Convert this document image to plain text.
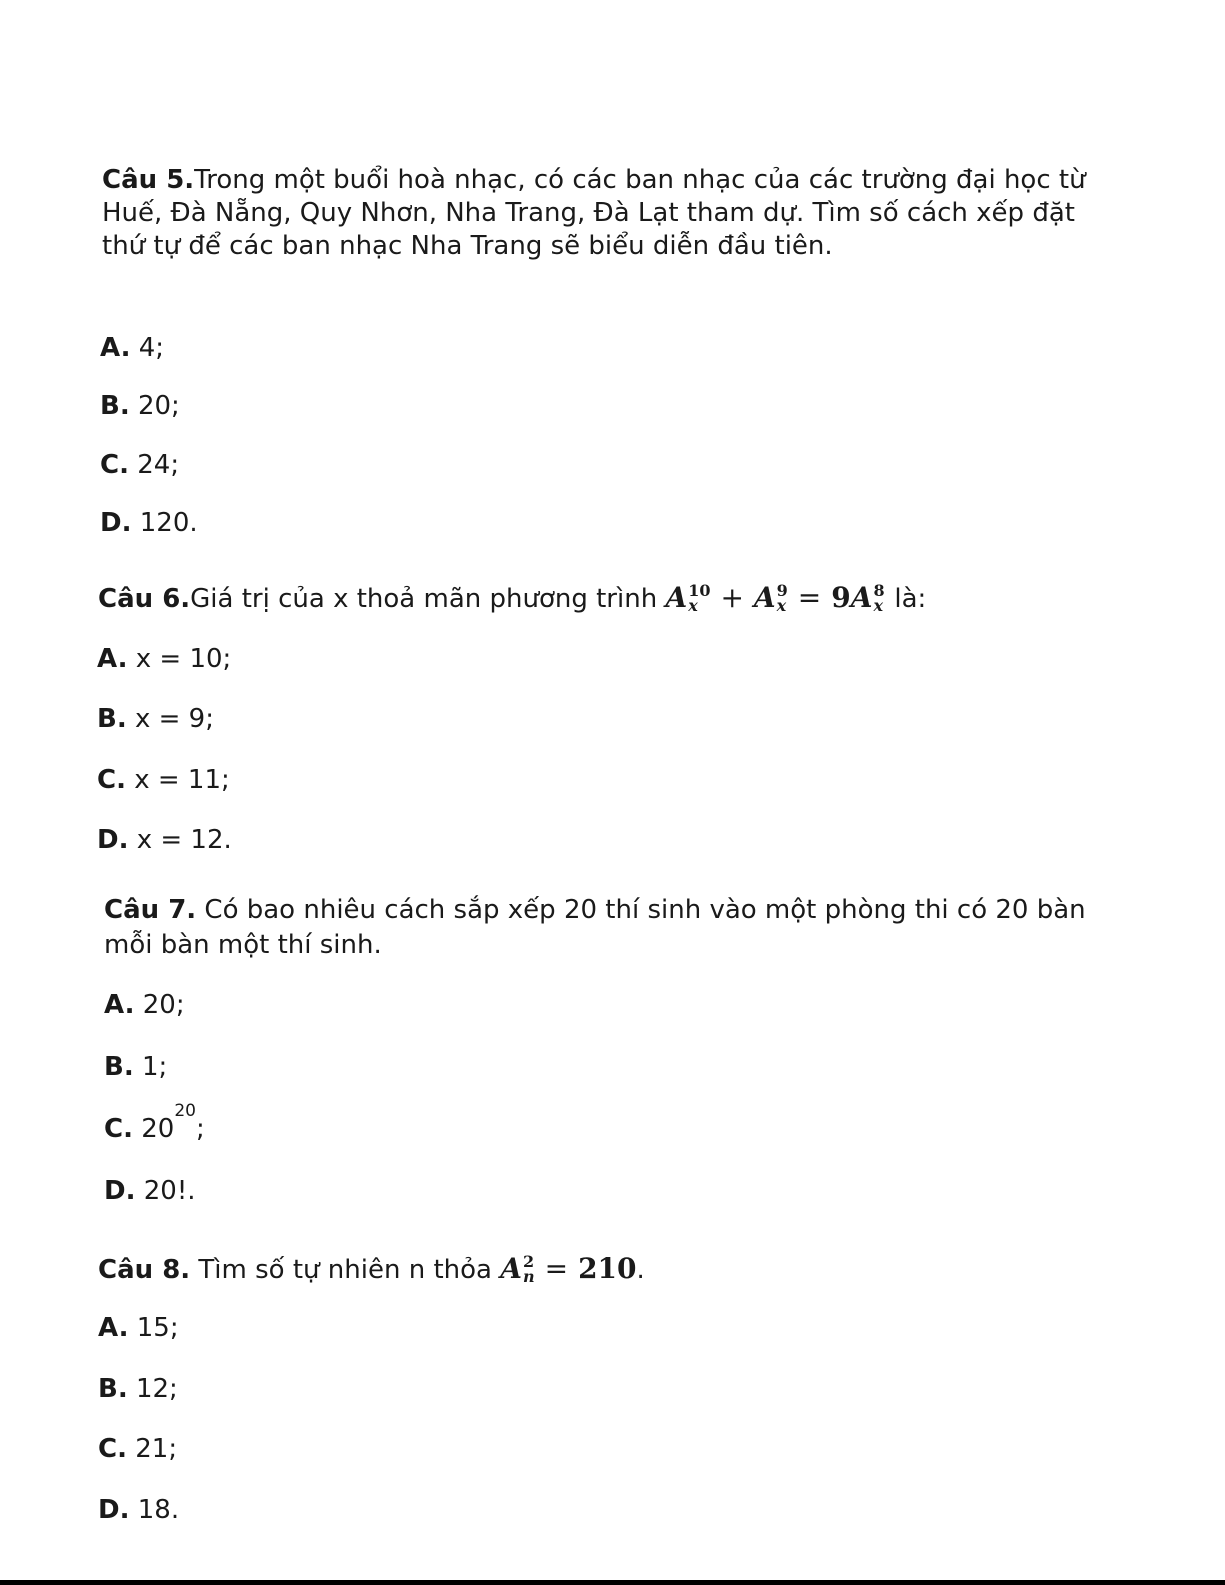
Câu 5.Trong một buổi hoà nhạc, có các ban nhạc của các trường đại học từ Huế, Đà Nẵng, Quy Nhơn, Nha Trang, Đà Lạt tham dự. Tìm số cách xếp đặt thứ tự để các ban nhạc Nha Trang sẽ biểu diễn đầu tiên.

A. 4;
B. 20;
C. 24;
D. 120.

Câu 6.Giá trị của x thoả mãn phương trình A 10
x + A 9
x = 9A 8
x là:

A. x = 10;
B. x = 9;
C. x = 11;
D. x = 12.

Câu 7. Có bao nhiêu cách sắp xếp 20 thí sinh vào một phòng thi có 20 bàn mỗi bàn một thí sinh.

A. 20;
B. 1;
C. $20^{20}$;
D. 20!.

Câu 8. Tìm số tự nhiên n thỏa A 2
n = 210.

A. 15;
B. 12;
C. 21;
D. 18.
